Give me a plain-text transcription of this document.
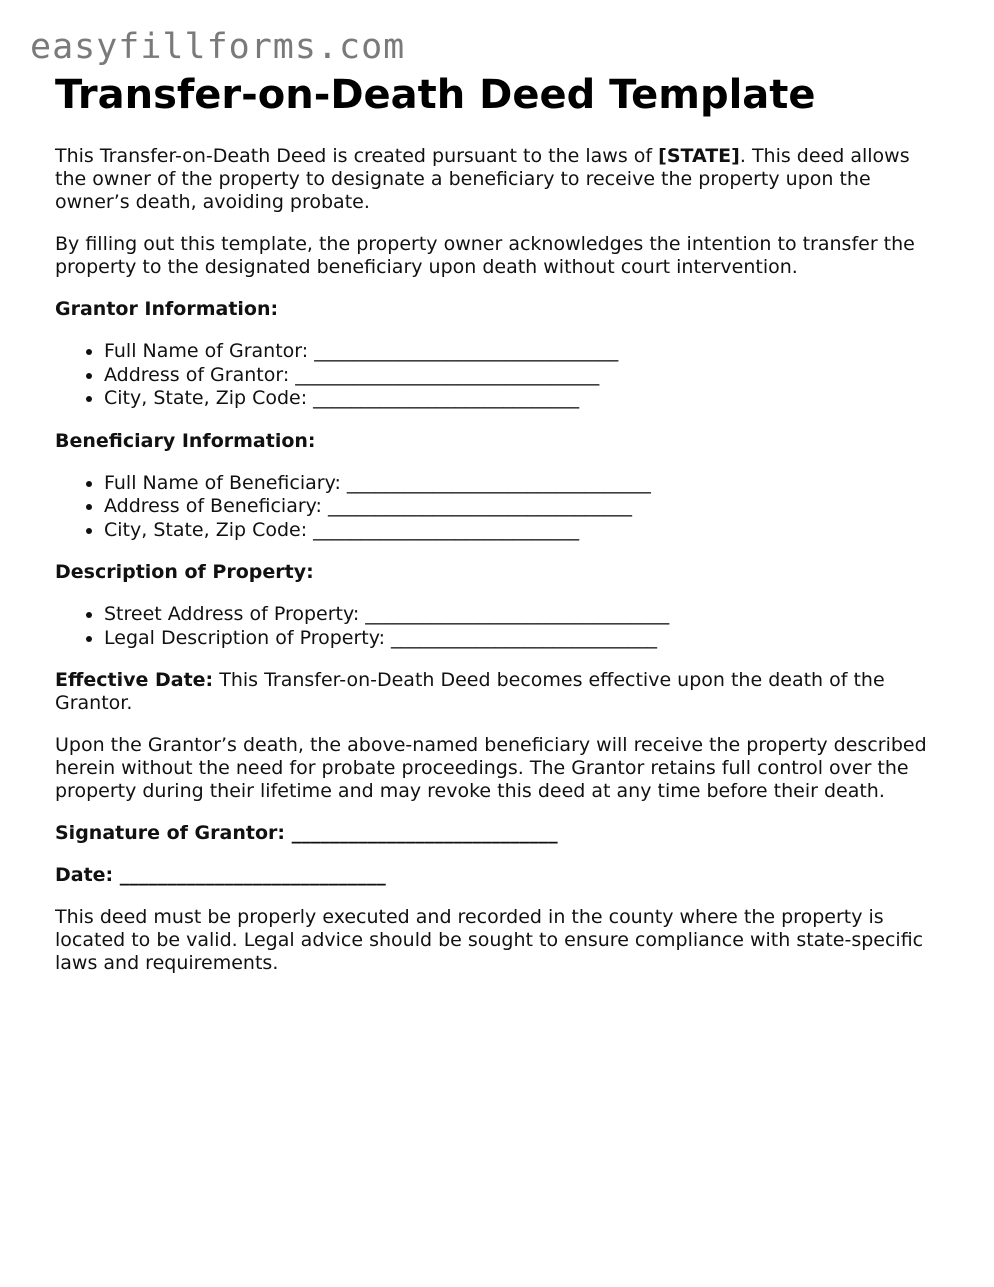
easyfillforms.com
Transfer-on-Death Deed Template

This Transfer-on-Death Deed is created pursuant to the laws of [STATE]. This deed allows the owner of the property to designate a beneficiary to receive the property upon the owner’s death, avoiding probate.

By filling out this template, the property owner acknowledges the intention to transfer the property to the designated beneficiary upon death without court intervention.

Grantor Information:

• Full Name of Grantor: ________________________________
• Address of Grantor: ________________________________
• City, State, Zip Code: ____________________________

Beneficiary Information:

• Full Name of Beneficiary: ________________________________
• Address of Beneficiary: ________________________________
• City, State, Zip Code: ____________________________

Description of Property:

• Street Address of Property: ________________________________
• Legal Description of Property: ____________________________

Effective Date: This Transfer-on-Death Deed becomes effective upon the death of the Grantor.

Upon the Grantor’s death, the above-named beneficiary will receive the property described herein without the need for probate proceedings. The Grantor retains full control over the property during their lifetime and may revoke this deed at any time before their death.

Signature of Grantor: ____________________________

Date: ____________________________

This deed must be properly executed and recorded in the county where the property is located to be valid. Legal advice should be sought to ensure compliance with state-specific laws and requirements.
